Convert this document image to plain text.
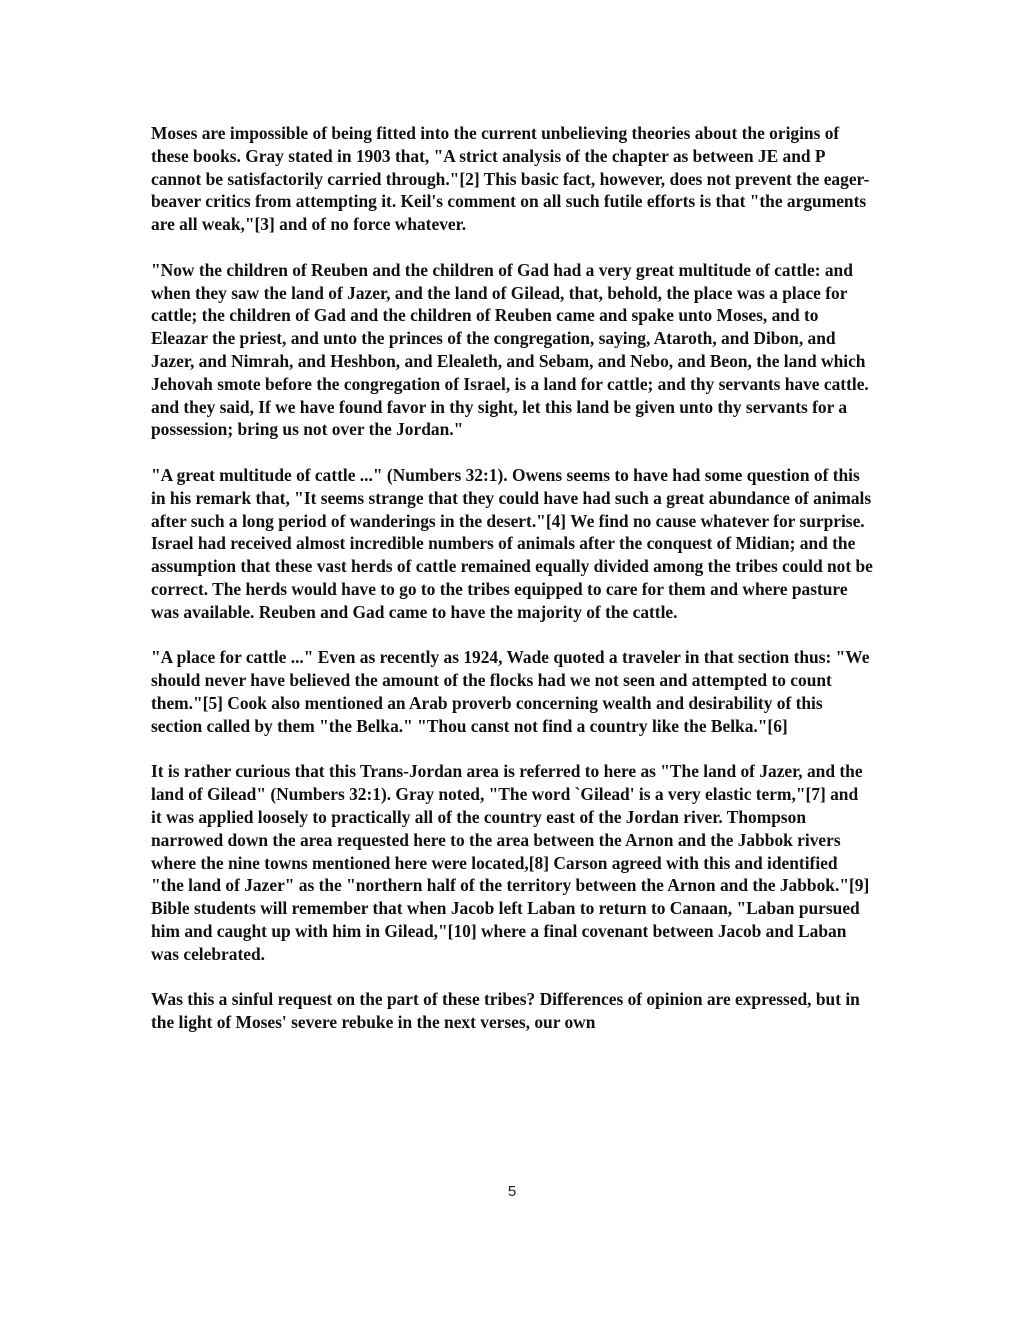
Moses are impossible of being fitted into the current unbelieving theories about the origins of these books. Gray stated in 1903 that, "A strict analysis of the chapter as between JE and P cannot be satisfactorily carried through."[2] This basic fact, however, does not prevent the eager-beaver critics from attempting it. Keil's comment on all such futile efforts is that "the arguments are all weak,"[3] and of no force whatever.

"Now the children of Reuben and the children of Gad had a very great multitude of cattle: and when they saw the land of Jazer, and the land of Gilead, that, behold, the place was a place for cattle; the children of Gad and the children of Reuben came and spake unto Moses, and to Eleazar the priest, and unto the princes of the congregation, saying, Ataroth, and Dibon, and Jazer, and Nimrah, and Heshbon, and Elealeth, and Sebam, and Nebo, and Beon, the land which Jehovah smote before the congregation of Israel, is a land for cattle; and thy servants have cattle. and they said, If we have found favor in thy sight, let this land be given unto thy servants for a possession; bring us not over the Jordan."

"A great multitude of cattle ..." (Numbers 32:1). Owens seems to have had some question of this in his remark that, "It seems strange that they could have had such a great abundance of animals after such a long period of wanderings in the desert."[4] We find no cause whatever for surprise. Israel had received almost incredible numbers of animals after the conquest of Midian; and the assumption that these vast herds of cattle remained equally divided among the tribes could not be correct. The herds would have to go to the tribes equipped to care for them and where pasture was available. Reuben and Gad came to have the majority of the cattle.

"A place for cattle ..." Even as recently as 1924, Wade quoted a traveler in that section thus: "We should never have believed the amount of the flocks had we not seen and attempted to count them."[5] Cook also mentioned an Arab proverb concerning wealth and desirability of this section called by them "the Belka." "Thou canst not find a country like the Belka."[6]

It is rather curious that this Trans-Jordan area is referred to here as "The land of Jazer, and the land of Gilead" (Numbers 32:1). Gray noted, "The word `Gilead' is a very elastic term,"[7] and it was applied loosely to practically all of the country east of the Jordan river. Thompson narrowed down the area requested here to the area between the Arnon and the Jabbok rivers where the nine towns mentioned here were located,[8] Carson agreed with this and identified "the land of Jazer" as the "northern half of the territory between the Arnon and the Jabbok."[9] Bible students will remember that when Jacob left Laban to return to Canaan, "Laban pursued him and caught up with him in Gilead,"[10] where a final covenant between Jacob and Laban was celebrated.

Was this a sinful request on the part of these tribes? Differences of opinion are expressed, but in the light of Moses' severe rebuke in the next verses, our own

5
